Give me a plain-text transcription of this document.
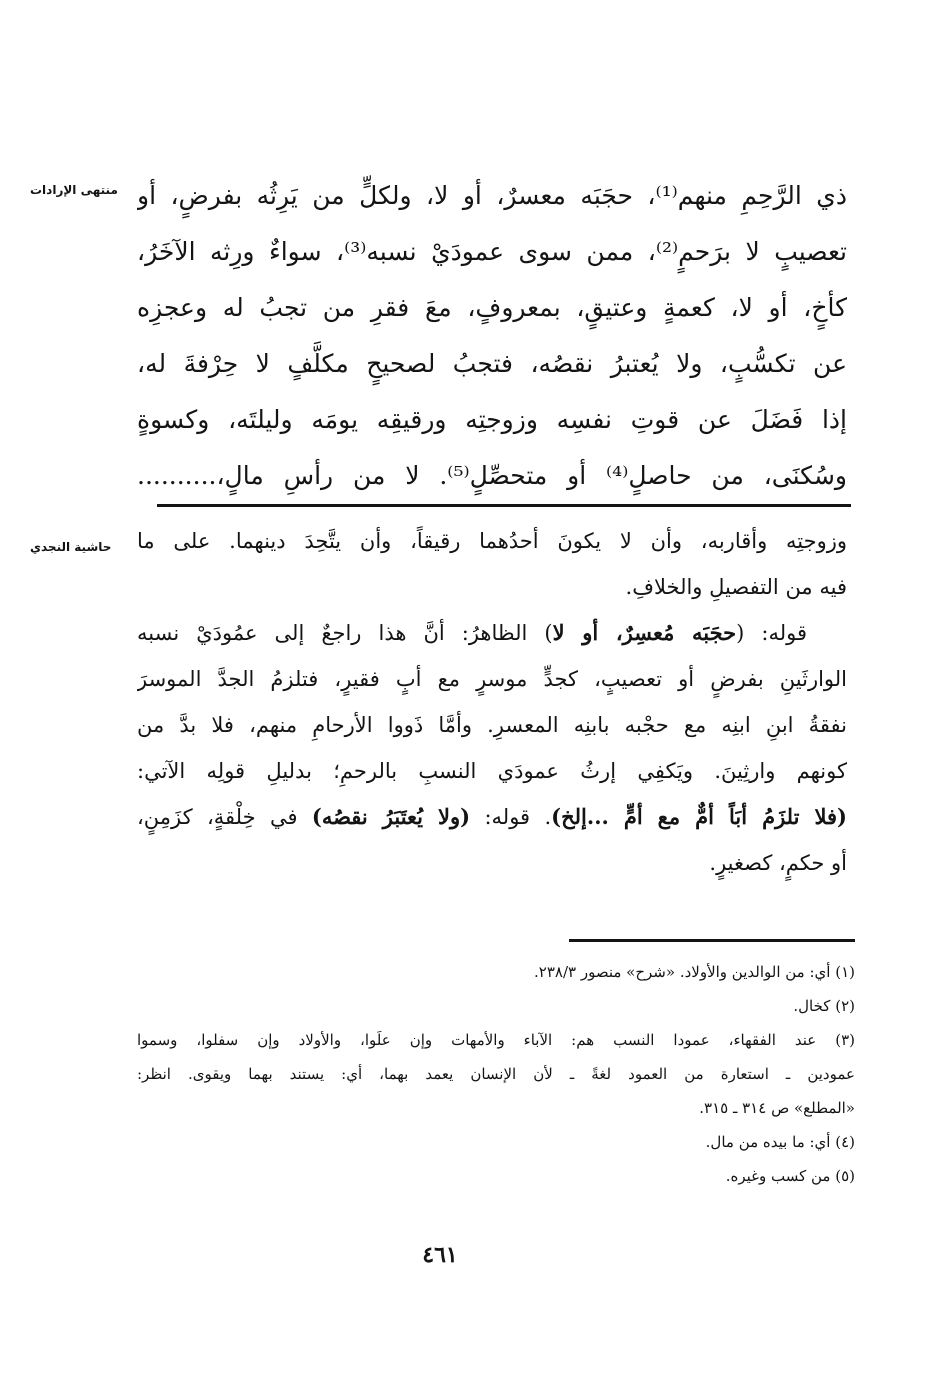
منتهى الإرادات
حاشية النجدي
ذي الرَّحِمِ منهم⁽¹⁾، حجَبَه معسرٌ، أو لا، ولكلٍّ من يَرِثُه بفرضٍ، أو
تعصيبٍ لا برَحمٍ⁽²⁾، ممن سوى عمودَيْ نسبه⁽³⁾، سواءٌ ورِثه الآخَرُ،
كأخٍ، أو لا، كعمةٍ وعتيقٍ، بمعروفٍ، معَ فقرِ من تجبُ له وعجزِه
عن تكسُّبٍ، ولا يُعتبرُ نقصُه، فتجبُ لصحيحٍ مكلَّفٍ لا حِرْفةَ له،
إذا فَضَلَ عن قوتِ نفسِه وزوجتِه ورقيقِه يومَه وليلتَه، وكسوةٍ
وسُكنَى، من حاصلٍ⁽⁴⁾ أو متحصِّلٍ⁽⁵⁾. لا من رأسِ مالٍ،..........
وزوجتِه وأقاربه، وأن لا يكونَ أحدُهما رقيقاً، وأن يتَّحِدَ دينهما. على ما
فيه من التفصيلِ والخلافِ.
قوله: (حجَبَه مُعسِرٌ، أو لا) الظاهرُ: أنَّ هذا راجعٌ إلى عمُودَيْ نسبه
الوارثَينِ بفرضٍ أو تعصيبٍ، كجدٍّ موسرٍ مع أبٍ فقيرٍ، فتلزمُ الجدَّ الموسرَ
نفقةُ ابنِ ابنِه مع حجْبه بابنِه المعسرِ. وأمَّا ذَووا الأرحامِ منهم، فلا بدَّ من
كونهم وارثِينَ. ويَكفِي إرثُ عمودَي النسبِ بالرحمِ؛ بدليلِ قولِه الآتي:
(فلا تلزَمُ أبَاً أمٌّ مع أمٍّ ...إلخ). قوله: (ولا يُعتَبَرُ نقصُه) في خِلْقةٍ، كزَمِنٍ،
أو حكمٍ، كصغيرٍ.
(١) أي: من الوالدين والأولاد. «شرح» منصور ٢٣٨/٣.
(٢) كخال.
(٣) عند الفقهاء، عمودا النسب هم: الآباء والأمهات وإن علَوا، والأولاد وإن سفلوا، وسموا
عمودين ـ استعارة من العمود لغةً ـ لأن الإنسان يعمد بهما، أي: يستند بهما ويقوى. انظر:
«المطلع» ص ٣١٤ ـ ٣١٥.
(٤) أي: ما بيده من مال.
(٥) من كسب وغيره.
٤٦١
